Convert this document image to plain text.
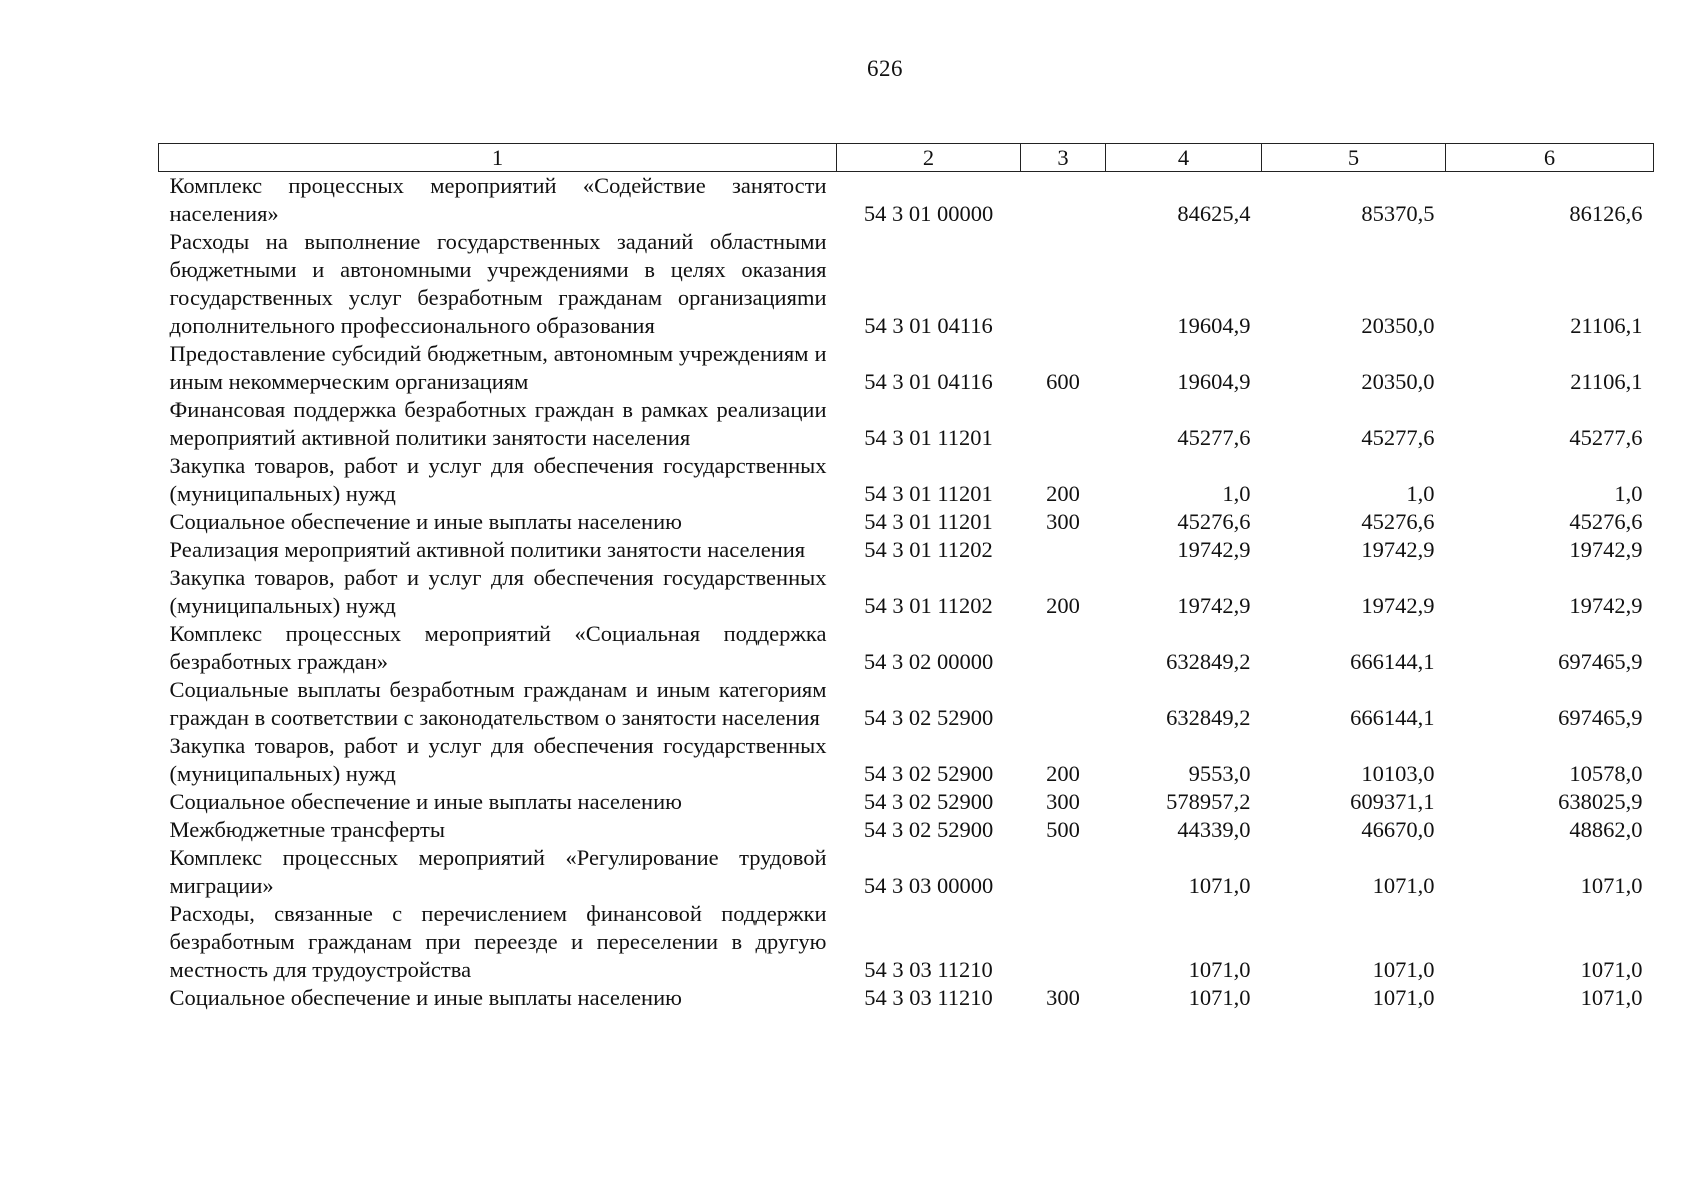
626
1	2	3	4	5	6
Комплекс процессных мероприятий «Содействие занятости населения»	54 3 01 00000		84625,4	85370,5	86126,6
Расходы на выполнение государственных заданий областными бюджетными и автономными учреждениями в целях оказания государственных услуг безработным гражданам организацияmи дополнительного профессионального образования	54 3 01 04116		19604,9	20350,0	21106,1
Предоставление субсидий бюджетным, автономным учреждениям и иным некоммерческим организациям	54 3 01 04116	600	19604,9	20350,0	21106,1
Финансовая поддержка безработных граждан в рамках реализации мероприятий активной политики занятости населения	54 3 01 11201		45277,6	45277,6	45277,6
Закупка товаров, работ и услуг для обеспечения государственных (муниципальных) нужд	54 3 01 11201	200	1,0	1,0	1,0
Социальное обеспечение и иные выплаты населению	54 3 01 11201	300	45276,6	45276,6	45276,6
Реализация мероприятий активной политики занятости населения	54 3 01 11202		19742,9	19742,9	19742,9
Закупка товаров, работ и услуг для обеспечения государственных (муниципальных) нужд	54 3 01 11202	200	19742,9	19742,9	19742,9
Комплекс процессных мероприятий «Социальная поддержка безработных граждан»	54 3 02 00000		632849,2	666144,1	697465,9
Социальные выплаты безработным гражданам и иным категориям граждан в соответствии с законодательством о занятости населения	54 3 02 52900		632849,2	666144,1	697465,9
Закупка товаров, работ и услуг для обеспечения государственных (муниципальных) нужд	54 3 02 52900	200	9553,0	10103,0	10578,0
Социальное обеспечение и иные выплаты населению	54 3 02 52900	300	578957,2	609371,1	638025,9
Межбюджетные трансферты	54 3 02 52900	500	44339,0	46670,0	48862,0
Комплекс процессных мероприятий «Регулирование трудовой миграции»	54 3 03 00000		1071,0	1071,0	1071,0
Расходы, связанные с перечислением финансовой поддержки безработным гражданам при переезде и переселении в другую местность для трудоустройства	54 3 03 11210		1071,0	1071,0	1071,0
Социальное обеспечение и иные выплаты населению	54 3 03 11210	300	1071,0	1071,0	1071,0
